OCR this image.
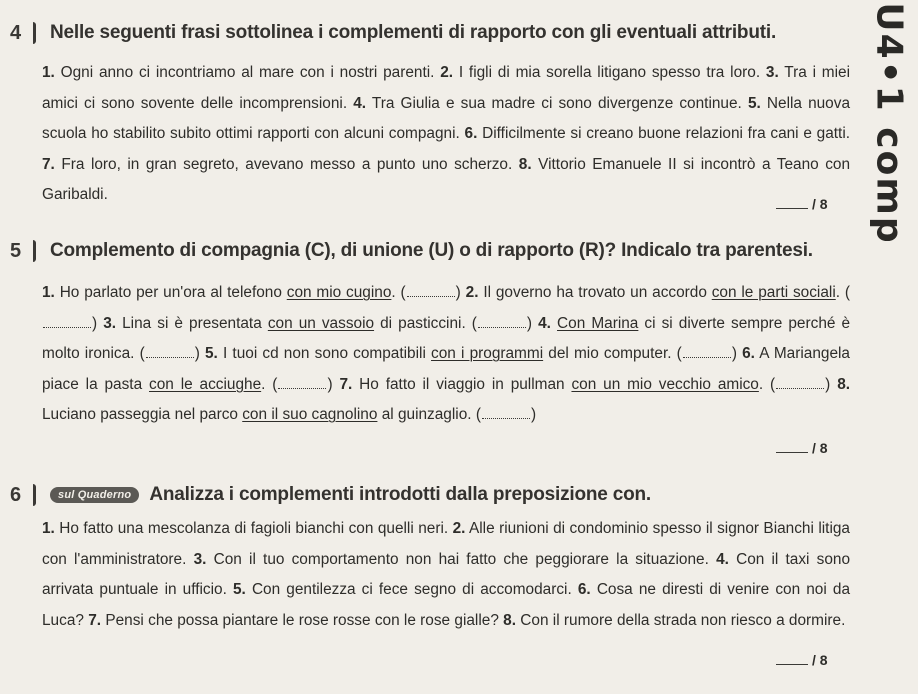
U4•1 comp
4	Nelle seguenti frasi sottolinea i complementi di rapporto con gli eventuali attributi.
1. Ogni anno ci incontriamo al mare con i nostri parenti. 2. I figli di mia sorella litigano spesso tra loro. 3. Tra i miei amici ci sono sovente delle incomprensioni. 4. Tra Giulia e sua madre ci sono divergenze continue. 5. Nella nuova scuola ho stabilito subito ottimi rapporti con alcuni compagni. 6. Difficilmente si creano buone relazioni fra cani e gatti. 7. Fra loro, in gran segreto, avevano messo a punto uno scherzo. 8. Vittorio Emanuele II si incontrò a Teano con Garibaldi.
/ 8
5	Complemento di compagnia (C), di unione (U) o di rapporto (R)? Indicalo tra parentesi.
1. Ho parlato per un'ora al telefono con mio cugino. (	) 2. Il governo ha trovato un accordo con le parti sociali. () 3. Lina si è presentata con un vassoio di pasticcini. (	) 4. Con Marina ci si diverte sempre perché è molto ironica. (	) 5. I tuoi cd non sono compatibili con i programmi del mio computer. (	) 6. A Mariangela piace la pasta con le acciughe. (	) 7. Ho fatto il viaggio in pullman con un mio vecchio amico. (	) 8. Luciano passeggia nel parco con il suo cagnolino al guinzaglio. (	)
/ 8
6	sul Quaderno Analizza i complementi introdotti dalla preposizione con.
1. Ho fatto una mescolanza di fagioli bianchi con quelli neri. 2. Alle riunioni di condominio spesso il signor Bianchi litiga con l'amministratore. 3. Con il tuo comportamento non hai fatto che peggiorare la situazione. 4. Con il taxi sono arrivata puntuale in ufficio. 5. Con gentilezza ci fece segno di accomodarci. 6. Cosa ne diresti di venire con noi da Luca? 7. Pensi che possa piantare le rose rosse con le rose gialle? 8. Con il rumore della strada non riesco a dormire.
/ 8
